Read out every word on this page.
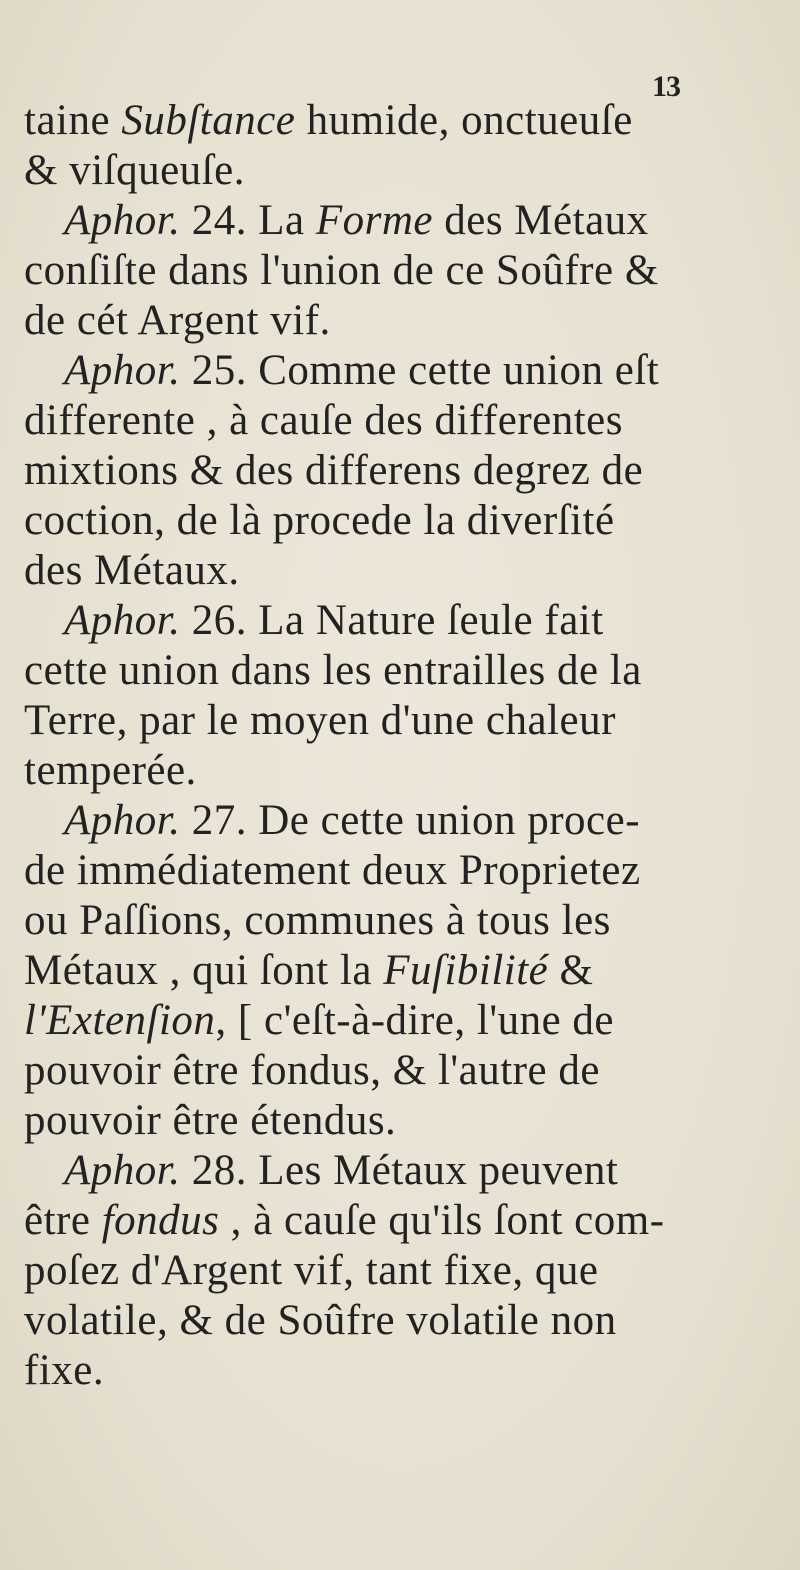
13
taine Subſtance humide, onctueuſe
& viſqueuſe.
Aphor. 24. La Forme des Métaux
conſiſte dans l'union de ce Soûfre &
de cét Argent vif.
Aphor. 25. Comme cette union eſt
differente , à cauſe des differentes
mixtions & des differens degrez de
coction, de là procede la diverſité
des Métaux.
Aphor. 26. La Nature ſeule fait
cette union dans les entrailles de la
Terre, par le moyen d'une chaleur
temperée.
Aphor. 27. De cette union proce-
de immédiatement deux Proprietez
ou Paſſions, communes à tous les
Métaux , qui ſont la Fuſibilité &
l'Extenſion, [ c'eſt-à-dire, l'une de
pouvoir être fondus, & l'autre de
pouvoir être étendus.
Aphor. 28. Les Métaux peuvent
être fondus , à cauſe qu'ils ſont com-
poſez d'Argent vif, tant fixe, que
volatile, & de Soûfre volatile non
fixe.
